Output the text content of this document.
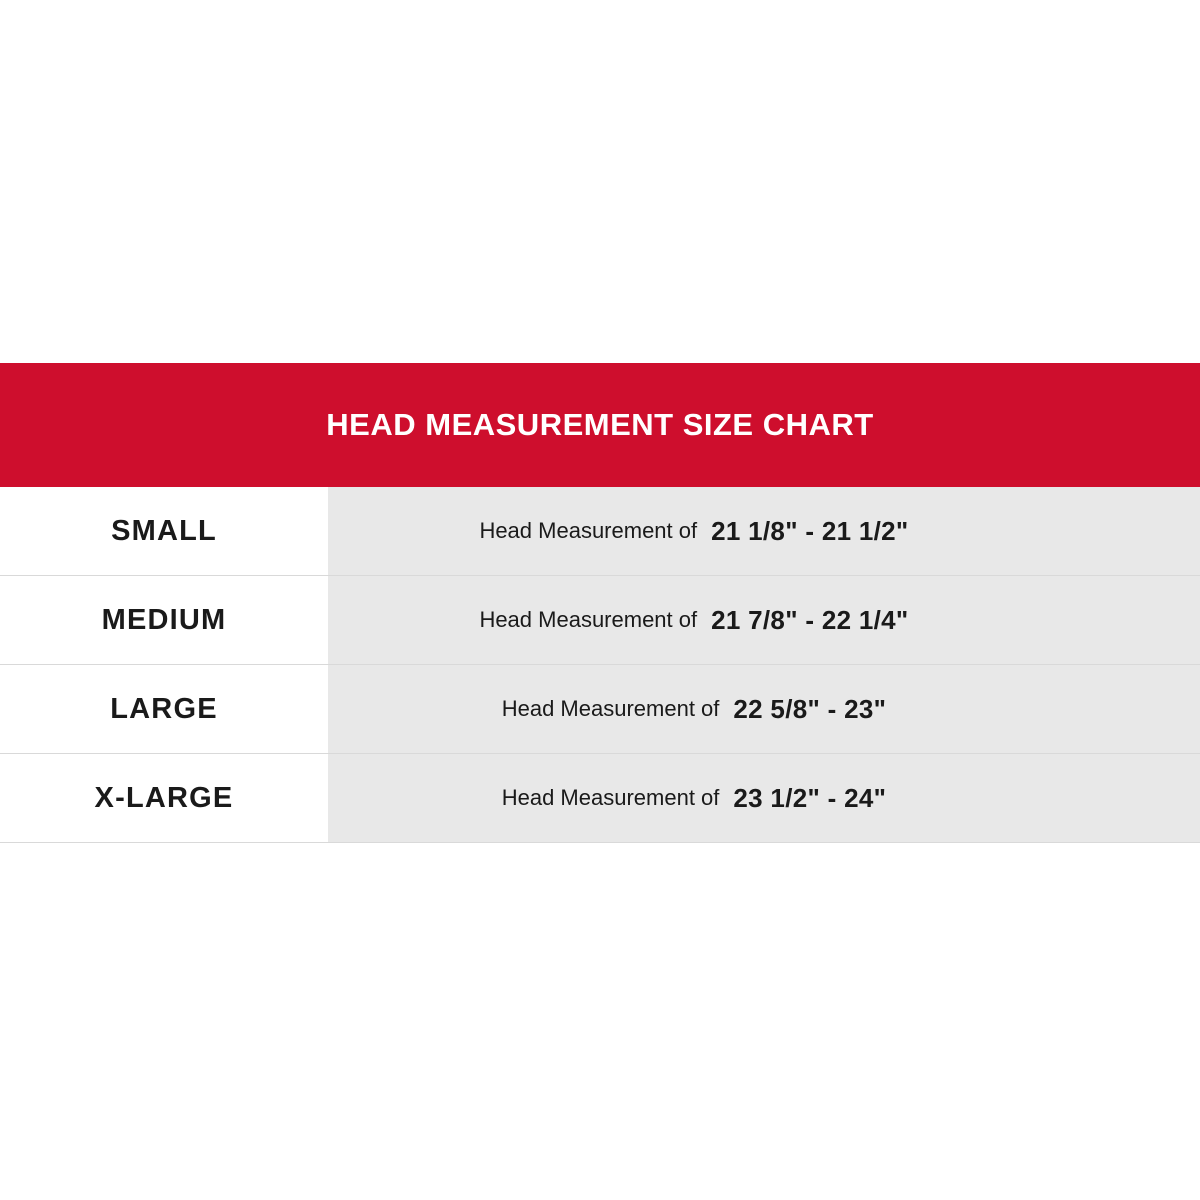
HEAD MEASUREMENT SIZE CHART
SMALL	Head Measurement of 21 1/8" - 21 1/2"
MEDIUM	Head Measurement of 21 7/8" - 22 1/4"
LARGE	Head Measurement of 22 5/8" - 23"
X-LARGE	Head Measurement of 23 1/2" - 24"
